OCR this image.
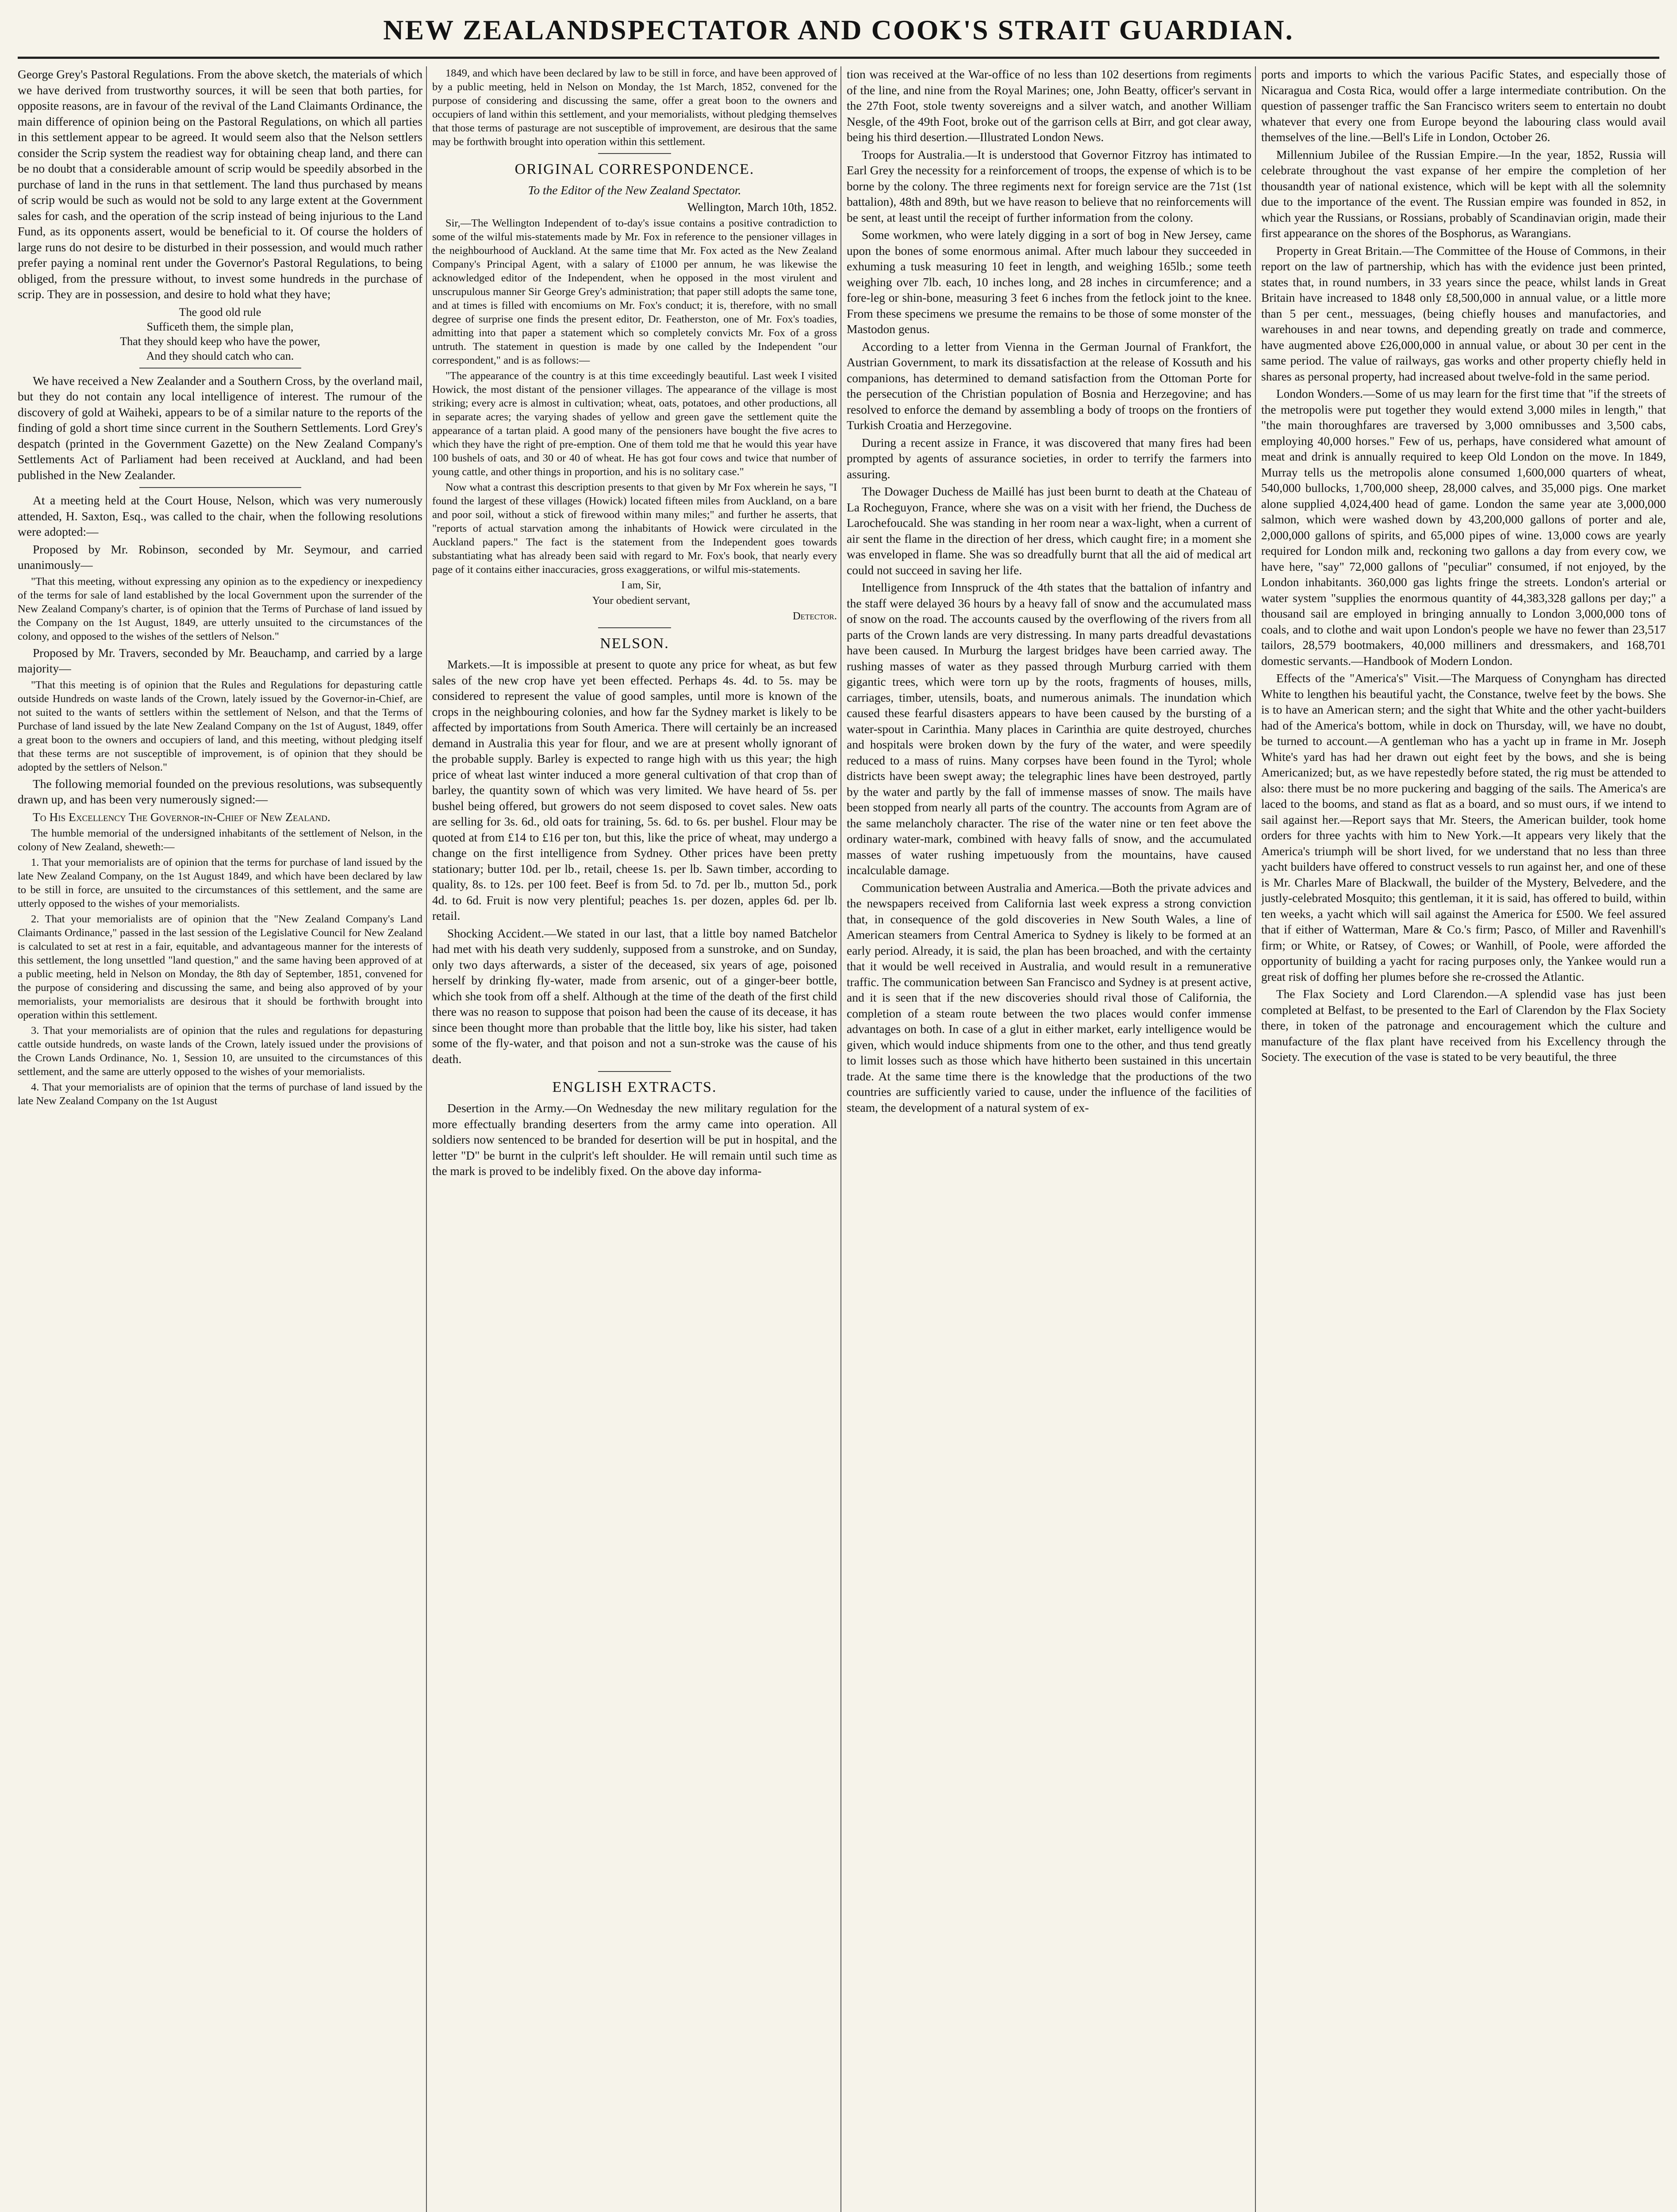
NEW ZEALANDSPECTATOR AND COOK'S STRAIT GUARDIAN.

George Grey's Pastoral Regulations. From the above sketch, the materials of which we have derived from trustworthy sources, it will be seen that both parties, for opposite reasons, are in favour of the revival of the Land Claimants Ordinance, the main difference of opinion being on the Pastoral Regulations, on which all parties in this settlement appear to be agreed. It would seem also that the Nelson settlers consider the Scrip system the readiest way for obtaining cheap land, and there can be no doubt that a considerable amount of scrip would be speedily absorbed in the purchase of land in the runs in that settlement. The land thus purchased by means of scrip would be such as would not be sold to any large extent at the Government sales for cash, and the operation of the scrip instead of being injurious to the Land Fund, as its opponents assert, would be beneficial to it. Of course the holders of large runs do not desire to be disturbed in their possession, and would much rather prefer paying a nominal rent under the Governor's Pastoral Regulations, to being obliged, from the pressure without, to invest some hundreds in the purchase of scrip. They are in possession, and desire to hold what they have;

The good old rule
Sufficeth them, the simple plan,
That they should keep who have the power,
And they should catch who can.

We have received a New Zealander and a Southern Cross, by the overland mail, but they do not contain any local intelligence of interest. The rumour of the discovery of gold at Waiheki, appears to be of a similar nature to the reports of the finding of gold a short time since current in the Southern Settlements. Lord Grey's despatch (printed in the Government Gazette) on the New Zealand Company's Settlements Act of Parliament had been received at Auckland, and had been published in the New Zealander.

At a meeting held at the Court House, Nelson, which was very numerously attended, H. Saxton, Esq., was called to the chair, when the following resolutions were adopted:—

Proposed by Mr. Robinson, seconded by Mr. Seymour, and carried unanimously—

"That this meeting, without expressing any opinion as to the expediency or inexpediency of the terms for sale of land established by the local Government upon the surrender of the New Zealand Company's charter, is of opinion that the Terms of Purchase of land issued by the Company on the 1st August, 1849, are utterly unsuited to the circumstances of the colony, and opposed to the wishes of the settlers of Nelson."

Proposed by Mr. Travers, seconded by Mr. Beauchamp, and carried by a large majority—

"That this meeting is of opinion that the Rules and Regulations for depasturing cattle outside Hundreds on waste lands of the Crown, lately issued by the Governor-in-Chief, are not suited to the wants of settlers within the settlement of Nelson, and that the Terms of Purchase of land issued by the late New Zealand Company on the 1st of August, 1849, offer a great boon to the owners and occupiers of land, and this meeting, without pledging itself that these terms are not susceptible of improvement, is of opinion that they should be adopted by the settlers of Nelson."

The following memorial founded on the previous resolutions, was subsequently drawn up, and has been very numerously signed:—

To His Excellency The Governor-in-Chief of New Zealand.

The humble memorial of the undersigned inhabitants of the settlement of Nelson, in the colony of New Zealand, sheweth:—

1. That your memorialists are of opinion that the terms for purchase of land issued by the late New Zealand Company, on the 1st August 1849, and which have been declared by law to be still in force, are unsuited to the circumstances of this settlement, and the same are utterly opposed to the wishes of your memorialists.

2. That your memorialists are of opinion that the "New Zealand Company's Land Claimants Ordinance," passed in the last session of the Legislative Council for New Zealand is calculated to set at rest in a fair, equitable, and advantageous manner for the interests of this settlement, the long unsettled "land question," and the same having been approved of at a public meeting, held in Nelson on Monday, the 8th day of September, 1851, convened for the purpose of considering and discussing the same, and being also approved of by your memorialists, your memorialists are desirous that it should be forthwith brought into operation within this settlement.

3. That your memorialists are of opinion that the rules and regulations for depasturing cattle outside hundreds, on waste lands of the Crown, lately issued under the provisions of the Crown Lands Ordinance, No. 1, Session 10, are unsuited to the circumstances of this settlement, and the same are utterly opposed to the wishes of your memorialists.

4. That your memorialists are of opinion that the terms of purchase of land issued by the late New Zealand Company on the 1st August

1849, and which have been declared by law to be still in force, and have been approved of by a public meeting, held in Nelson on Monday, the 1st March, 1852, convened for the purpose of considering and discussing the same, offer a great boon to the owners and occupiers of land within this settlement, and your memorialists, without pledging themselves that those terms of pasturage are not susceptible of improvement, are desirous that the same may be forthwith brought into operation within this settlement.

ORIGINAL CORRESPONDENCE.

To the Editor of the New Zealand Spectator.

Wellington, March 10th, 1852.

Sir,—The Wellington Independent of to-day's issue contains a positive contradiction to some of the wilful mis-statements made by Mr. Fox in reference to the pensioner villages in the neighbourhood of Auckland. At the same time that Mr. Fox acted as the New Zealand Company's Principal Agent, with a salary of £1000 per annum, he was likewise the acknowledged editor of the Independent, when he opposed in the most virulent and unscrupulous manner Sir George Grey's administration; that paper still adopts the same tone, and at times is filled with encomiums on Mr. Fox's conduct; it is, therefore, with no small degree of surprise one finds the present editor, Dr. Featherston, one of Mr. Fox's toadies, admitting into that paper a statement which so completely convicts Mr. Fox of a gross untruth. The statement in question is made by one called by the Independent "our correspondent," and is as follows:—

"The appearance of the country is at this time exceedingly beautiful. Last week I visited Howick, the most distant of the pensioner villages. The appearance of the village is most striking; every acre is almost in cultivation; wheat, oats, potatoes, and other productions, all in separate acres; the varying shades of yellow and green gave the settlement quite the appearance of a tartan plaid. A good many of the pensioners have bought the five acres to which they have the right of pre-emption. One of them told me that he would this year have 100 bushels of oats, and 30 or 40 of wheat. He has got four cows and twice that number of young cattle, and other things in proportion, and his is no solitary case."

Now what a contrast this description presents to that given by Mr Fox wherein he says, "I found the largest of these villages (Howick) located fifteen miles from Auckland, on a bare and poor soil, without a stick of firewood within many miles;" and further he asserts, that "reports of actual starvation among the inhabitants of Howick were circulated in the Auckland papers." The fact is the statement from the Independent goes towards substantiating what has already been said with regard to Mr. Fox's book, that nearly every page of it contains either inaccuracies, gross exaggerations, or wilful mis-statements.

I am, Sir,

Your obedient servant,

Detector.

NELSON.

Markets.—It is impossible at present to quote any price for wheat, as but few sales of the new crop have yet been effected. Perhaps 4s. 4d. to 5s. may be considered to represent the value of good samples, until more is known of the crops in the neighbouring colonies, and how far the Sydney market is likely to be affected by importations from South America. There will certainly be an increased demand in Australia this year for flour, and we are at present wholly ignorant of the probable supply. Barley is expected to range high with us this year; the high price of wheat last winter induced a more general cultivation of that crop than of barley, the quantity sown of which was very limited. We have heard of 5s. per bushel being offered, but growers do not seem disposed to covet sales. New oats are selling for 3s. 6d., old oats for training, 5s. 6d. to 6s. per bushel. Flour may be quoted at from £14 to £16 per ton, but this, like the price of wheat, may undergo a change on the first intelligence from Sydney. Other prices have been pretty stationary; butter 10d. per lb., retail, cheese 1s. per lb. Sawn timber, according to quality, 8s. to 12s. per 100 feet. Beef is from 5d. to 7d. per lb., mutton 5d., pork 4d. to 6d. Fruit is now very plentiful; peaches 1s. per dozen, apples 6d. per lb. retail.

Shocking Accident.—We stated in our last, that a little boy named Batchelor had met with his death very suddenly, supposed from a sunstroke, and on Sunday, only two days afterwards, a sister of the deceased, six years of age, poisoned herself by drinking fly-water, made from arsenic, out of a ginger-beer bottle, which she took from off a shelf. Although at the time of the death of the first child there was no reason to suppose that poison had been the cause of its decease, it has since been thought more than probable that the little boy, like his sister, had taken some of the fly-water, and that poison and not a sun-stroke was the cause of his death.

ENGLISH EXTRACTS.

Desertion in the Army.—On Wednesday the new military regulation for the more effectually branding deserters from the army came into operation. All soldiers now sentenced to be branded for desertion will be put in hospital, and the letter "D" be burnt in the culprit's left shoulder. He will remain until such time as the mark is proved to be indelibly fixed. On the above day informa-

tion was received at the War-office of no less than 102 desertions from regiments of the line, and nine from the Royal Marines; one, John Beatty, officer's servant in the 27th Foot, stole twenty sovereigns and a silver watch, and another William Nesgle, of the 49th Foot, broke out of the garrison cells at Birr, and got clear away, being his third desertion.—Illustrated London News.

Troops for Australia.—It is understood that Governor Fitzroy has intimated to Earl Grey the necessity for a reinforcement of troops, the expense of which is to be borne by the colony. The three regiments next for foreign service are the 71st (1st battalion), 48th and 89th, but we have reason to believe that no reinforcements will be sent, at least until the receipt of further information from the colony.

Some workmen, who were lately digging in a sort of bog in New Jersey, came upon the bones of some enormous animal. After much labour they succeeded in exhuming a tusk measuring 10 feet in length, and weighing 165lb.; some teeth weighing over 7lb. each, 10 inches long, and 28 inches in circumference; and a fore-leg or shin-bone, measuring 3 feet 6 inches from the fetlock joint to the knee. From these specimens we presume the remains to be those of some monster of the Mastodon genus.

According to a letter from Vienna in the German Journal of Frankfort, the Austrian Government, to mark its dissatisfaction at the release of Kossuth and his companions, has determined to demand satisfaction from the Ottoman Porte for the persecution of the Christian population of Bosnia and Herzegovine; and has resolved to enforce the demand by assembling a body of troops on the frontiers of Turkish Croatia and Herzegovine.

During a recent assize in France, it was discovered that many fires had been prompted by agents of assurance societies, in order to terrify the farmers into assuring.

The Dowager Duchess de Maillé has just been burnt to death at the Chateau of La Rocheguyon, France, where she was on a visit with her friend, the Duchess de Larochefoucald. She was standing in her room near a wax-light, when a current of air sent the flame in the direction of her dress, which caught fire; in a moment she was enveloped in flame. She was so dreadfully burnt that all the aid of medical art could not succeed in saving her life.

Intelligence from Innspruck of the 4th states that the battalion of infantry and the staff were delayed 36 hours by a heavy fall of snow and the accumulated mass of snow on the road. The accounts caused by the overflowing of the rivers from all parts of the Crown lands are very distressing. In many parts dreadful devastations have been caused. In Murburg the largest bridges have been carried away. The rushing masses of water as they passed through Murburg carried with them gigantic trees, which were torn up by the roots, fragments of houses, mills, carriages, timber, utensils, boats, and numerous animals. The inundation which caused these fearful disasters appears to have been caused by the bursting of a water-spout in Carinthia. Many places in Carinthia are quite destroyed, churches and hospitals were broken down by the fury of the water, and were speedily reduced to a mass of ruins. Many corpses have been found in the Tyrol; whole districts have been swept away; the telegraphic lines have been destroyed, partly by the water and partly by the fall of immense masses of snow. The mails have been stopped from nearly all parts of the country. The accounts from Agram are of the same melancholy character. The rise of the water nine or ten feet above the ordinary water-mark, combined with heavy falls of snow, and the accumulated masses of water rushing impetuously from the mountains, have caused incalculable damage.

Communication between Australia and America.—Both the private advices and the newspapers received from California last week express a strong conviction that, in consequence of the gold discoveries in New South Wales, a line of American steamers from Central America to Sydney is likely to be formed at an early period. Already, it is said, the plan has been broached, and with the certainty that it would be well received in Australia, and would result in a remunerative traffic. The communication between San Francisco and Sydney is at present active, and it is seen that if the new discoveries should rival those of California, the completion of a steam route between the two places would confer immense advantages on both. In case of a glut in either market, early intelligence would be given, which would induce shipments from one to the other, and thus tend greatly to limit losses such as those which have hitherto been sustained in this uncertain trade. At the same time there is the knowledge that the productions of the two countries are sufficiently varied to cause, under the influence of the facilities of steam, the development of a natural system of ex-

ports and imports to which the various Pacific States, and especially those of Nicaragua and Costa Rica, would offer a large intermediate contribution. On the question of passenger traffic the San Francisco writers seem to entertain no doubt whatever that every one from Europe beyond the labouring class would avail themselves of the line.—Bell's Life in London, October 26.

Millennium Jubilee of the Russian Empire.—In the year, 1852, Russia will celebrate throughout the vast expanse of her empire the completion of her thousandth year of national existence, which will be kept with all the solemnity due to the importance of the event. The Russian empire was founded in 852, in which year the Russians, or Rossians, probably of Scandinavian origin, made their first appearance on the shores of the Bosphorus, as Warangians.

Property in Great Britain.—The Committee of the House of Commons, in their report on the law of partnership, which has with the evidence just been printed, states that, in round numbers, in 33 years since the peace, whilst lands in Great Britain have increased to 1848 only £8,500,000 in annual value, or a little more than 5 per cent., messuages, (being chiefly houses and manufactories, and warehouses in and near towns, and depending greatly on trade and commerce, have augmented above £26,000,000 in annual value, or about 30 per cent in the same period. The value of railways, gas works and other property chiefly held in shares as personal property, had increased about twelve-fold in the same period.

London Wonders.—Some of us may learn for the first time that "if the streets of the metropolis were put together they would extend 3,000 miles in length," that "the main thoroughfares are traversed by 3,000 omnibusses and 3,500 cabs, employing 40,000 horses." Few of us, perhaps, have considered what amount of meat and drink is annually required to keep Old London on the move. In 1849, Murray tells us the metropolis alone consumed 1,600,000 quarters of wheat, 540,000 bullocks, 1,700,000 sheep, 28,000 calves, and 35,000 pigs. One market alone supplied 4,024,400 head of game. London the same year ate 3,000,000 salmon, which were washed down by 43,200,000 gallons of porter and ale, 2,000,000 gallons of spirits, and 65,000 pipes of wine. 13,000 cows are yearly required for London milk and, reckoning two gallons a day from every cow, we have here, "say" 72,000 gallons of "peculiar" consumed, if not enjoyed, by the London inhabitants. 360,000 gas lights fringe the streets. London's arterial or water system "supplies the enormous quantity of 44,383,328 gallons per day;" a thousand sail are employed in bringing annually to London 3,000,000 tons of coals, and to clothe and wait upon London's people we have no fewer than 23,517 tailors, 28,579 bootmakers, 40,000 milliners and dressmakers, and 168,701 domestic servants.—Handbook of Modern London.

Effects of the "America's" Visit.—The Marquess of Conyngham has directed White to lengthen his beautiful yacht, the Constance, twelve feet by the bows. She is to have an American stern; and the sight that White and the other yacht-builders had of the America's bottom, while in dock on Thursday, will, we have no doubt, be turned to account.—A gentleman who has a yacht up in frame in Mr. Joseph White's yard has had her drawn out eight feet by the bows, and she is being Americanized; but, as we have repestedly before stated, the rig must be attended to also: there must be no more puckering and bagging of the sails. The America's are laced to the booms, and stand as flat as a board, and so must ours, if we intend to sail against her.—Report says that Mr. Steers, the American builder, took home orders for three yachts with him to New York.—It appears very likely that the America's triumph will be short lived, for we understand that no less than three yacht builders have offered to construct vessels to run against her, and one of these is Mr. Charles Mare of Blackwall, the builder of the Mystery, Belvedere, and the justly-celebrated Mosquito; this gentleman, it it is said, has offered to build, within ten weeks, a yacht which will sail against the America for £500. We feel assured that if either of Watterman, Mare & Co.'s firm; Pasco, of Miller and Ravenhill's firm; or White, or Ratsey, of Cowes; or Wanhill, of Poole, were afforded the opportunity of building a yacht for racing purposes only, the Yankee would run a great risk of doffing her plumes before she re-crossed the Atlantic.

The Flax Society and Lord Clarendon.—A splendid vase has just been completed at Belfast, to be presented to the Earl of Clarendon by the Flax Society there, in token of the patronage and encouragement which the culture and manufacture of the flax plant have received from his Excellency through the Society. The execution of the vase is stated to be very beautiful, the three
